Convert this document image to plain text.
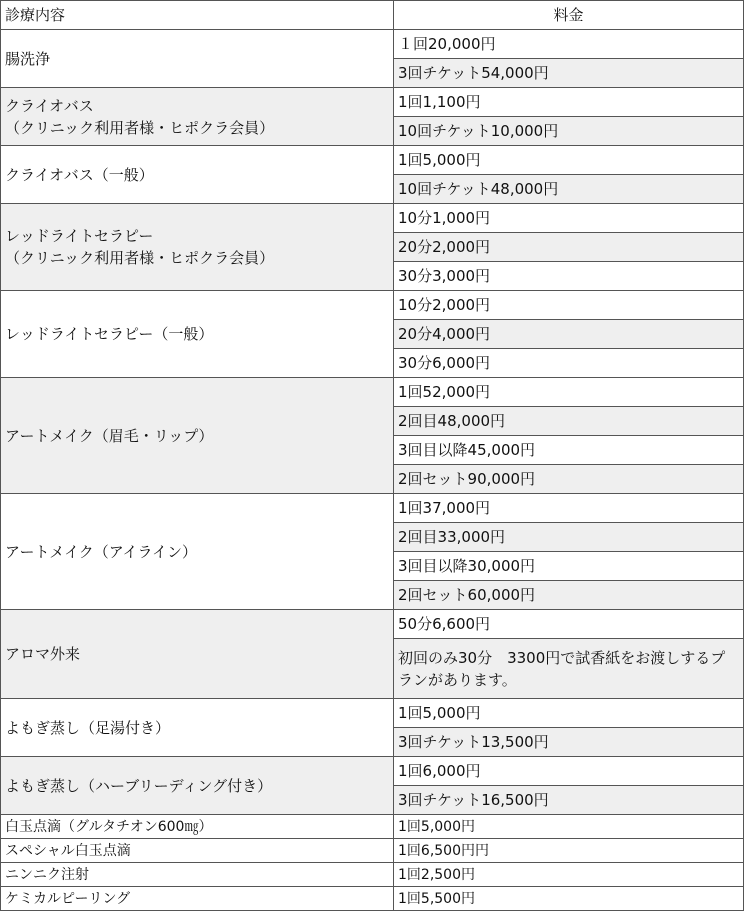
診療内容	料金
腸洗浄	１回20,000円
	3回チケット54,000円
クライオバス
（クリニック利用者様・ヒポクラ会員）	1回1,100円
	10回チケット10,000円
クライオバス（一般）	1回5,000円
	10回チケット48,000円
レッドライトセラピー
（クリニック利用者様・ヒポクラ会員）	10分1,000円
	20分2,000円
	30分3,000円
レッドライトセラピー（一般）	10分2,000円
	20分4,000円
	30分6,000円
アートメイク（眉毛・リップ）	1回52,000円
	2回目48,000円
	3回目以降45,000円
	2回セット90,000円
アートメイク（アイライン）	1回37,000円
	2回目33,000円
	3回目以降30,000円
	2回セット60,000円
アロマ外来	50分6,600円
	初回のみ30分　3300円で試香紙をお渡しするプランがあります。
よもぎ蒸し（足湯付き）	1回5,000円
	3回チケット13,500円
よもぎ蒸し（ハーブリーディング付き）	1回6,000円
	3回チケット16,500円
白玉点滴（グルタチオン600㎎）	1回5,000円
スペシャル白玉点滴	1回6,500円円
ニンニク注射	1回2,500円
ケミカルピーリング	1回5,500円
